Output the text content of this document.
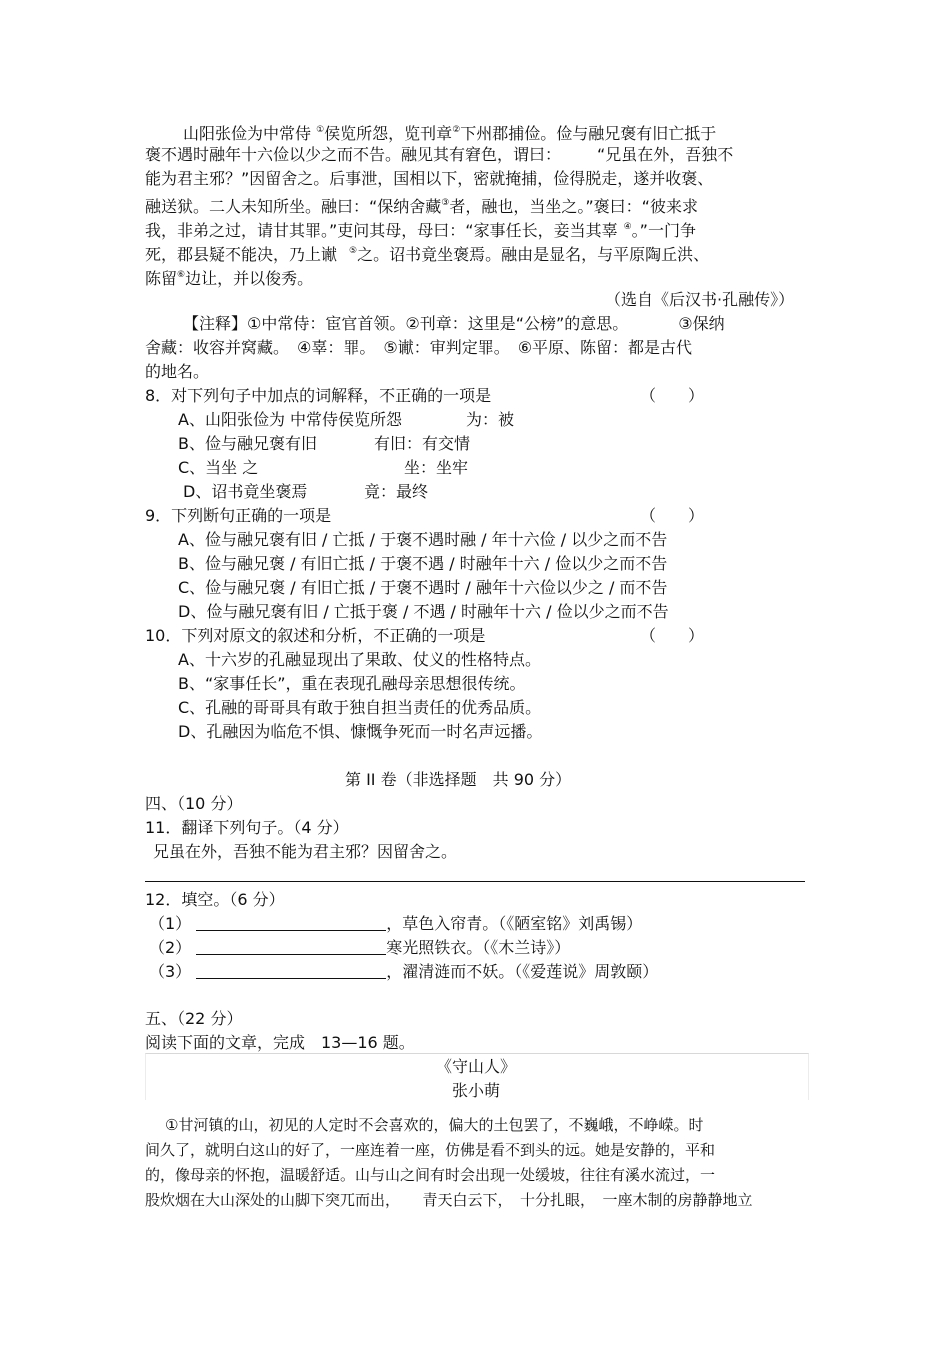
山阳张俭为中常侍 ①侯览所怨，览刊章②下州郡捕俭。俭与融兄褒有旧亡抵于
褒不遇时融年十六俭以少之而不告。融见其有窘色，谓曰： “兄虽在外，吾独不
能为君主邪？”因留舍之。后事泄，国相以下，密就掩捕，俭得脱走，遂并收褒、
融送狱。二人未知所坐。融曰：“保纳舍藏③者，融也，当坐之。”褒曰：“彼来求
我，非弟之过，请甘其罪。”吏问其母，母曰：“家事任长，妾当其辜 ④。”一门争
死，郡县疑不能决，乃上谳 ⑤之。诏书竟坐褒焉。融由是显名，与平原陶丘洪、
陈留⑥边让，并以俊秀。
（选自《后汉书·孔融传》）
【注释】①中常侍：宦官首领。②刊章：这里是“公榜”的意思。	③保纳
舍藏：收容并窝藏。　④辜：罪。　⑤谳：审判定罪。　⑥平原、陈留：都是古代
的地名。
8．对下列句子中加点的词解释，不正确的一项是	（　　）
A、山阳张俭为 中常侍侯览所怨	为：被
B、俭与融兄褒有旧	有旧：有交情
C、当坐 之	坐：坐牢
D、诏书竟坐褒焉	竟：最终
9．下列断句正确的一项是	（　　）
A、俭与融兄褒有旧 / 亡抵 / 于褒不遇时融 / 年十六俭 / 以少之而不告
B、俭与融兄褒 / 有旧亡抵 / 于褒不遇 / 时融年十六 / 俭以少之而不告
C、俭与融兄褒 / 有旧亡抵 / 于褒不遇时 / 融年十六俭以少之 / 而不告
D、俭与融兄褒有旧 / 亡抵于褒 / 不遇 / 时融年十六 / 俭以少之而不告
10．下列对原文的叙述和分析，不正确的一项是	（　　）
A、十六岁的孔融显现出了果敢、仗义的性格特点。
B、“家事任长”，重在表现孔融母亲思想很传统。
C、孔融的哥哥具有敢于独自担当责任的优秀品质。
D、孔融因为临危不惧、慷慨争死而一时名声远播。
第 II 卷（非选择题　共 90 分）
四、（10 分）
11．翻译下列句子。（4 分）
兄虽在外，吾独不能为君主邪？因留舍之。
12．填空。（6 分）
（1）	，草色入帘青。（《陋室铭》刘禹锡）
（2）	寒光照铁衣。（《木兰诗》）
（3）	，濯清涟而不妖。（《爱莲说》周敦颐）
五、（22 分）
阅读下面的文章，完成　13—16 题。
《守山人》
张小萌
①甘河镇的山，初见的人定时不会喜欢的，偏大的土包罢了，不巍峨，不峥嵘。时
间久了，就明白这山的好了，一座连着一座，仿佛是看不到头的远。她是安静的，平和
的，像母亲的怀抱，温暖舒适。山与山之间有时会出现一处缓坡，往往有溪水流过，一
股炊烟在大山深处的山脚下突兀而出，　　青天白云下，　十分扎眼，　一座木制的房静静地立
